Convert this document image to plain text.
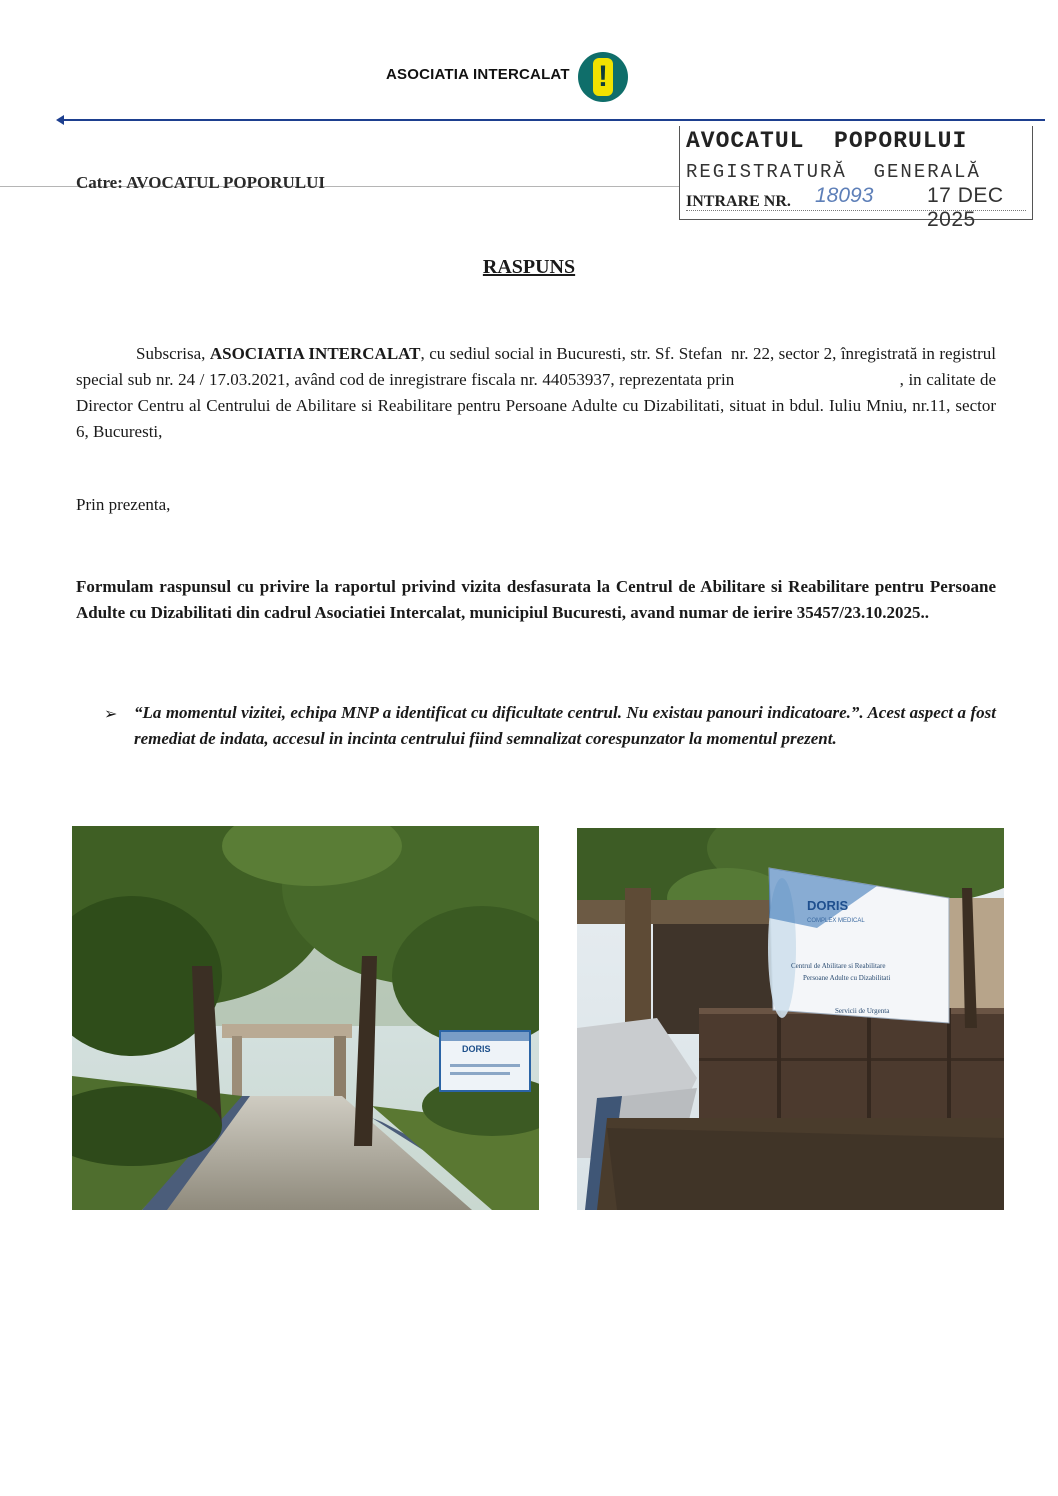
ASOCIATIA INTERCALAT !
Catre: AVOCATUL POPORULUI
AVOCATUL  POPORULUI
REGISTRATURĂ  GENERALĂ
INTRARE NR. 18093	17 DEC 2025
RASPUNS
Subscrisa, ASOCIATIA INTERCALAT, cu sediul social in Bucuresti, str. Sf. Stefan  nr. 22, sector 2, înregistrată in registrul special sub nr. 24 / 17.03.2021, având cod de inregistrare fiscala nr. 44053937, reprezentata prin                                    , in calitate de Director Centru al Centrului de Abilitare si Reabilitare pentru Persoane Adulte cu Dizabilitati, situat in bdul. Iuliu Mniu, nr.11, sector 6, Bucuresti,
Prin prezenta,
Formulam raspunsul cu privire la raportul privind vizita desfasurata la Centrul de Abilitare si Reabilitare pentru Persoane Adulte cu Dizabilitati din cadrul Asociatiei Intercalat, municipiul Bucuresti, avand numar de ierire 35457/23.10.2025..
➢ “La momentul vizitei, echipa MNP a identificat cu dificultate centrul. Nu existau panouri indicatoare.”. Acest aspect a fost remediat de indata, accesul in incinta centrului fiind semnalizat corespunzator la momentul prezent.
DORIS
DORIS
COMPLEX MEDICAL
Centrul de Abilitare si Reabilitare
Persoane Adulte cu Dizabilitati
Servicii de Urgenta
